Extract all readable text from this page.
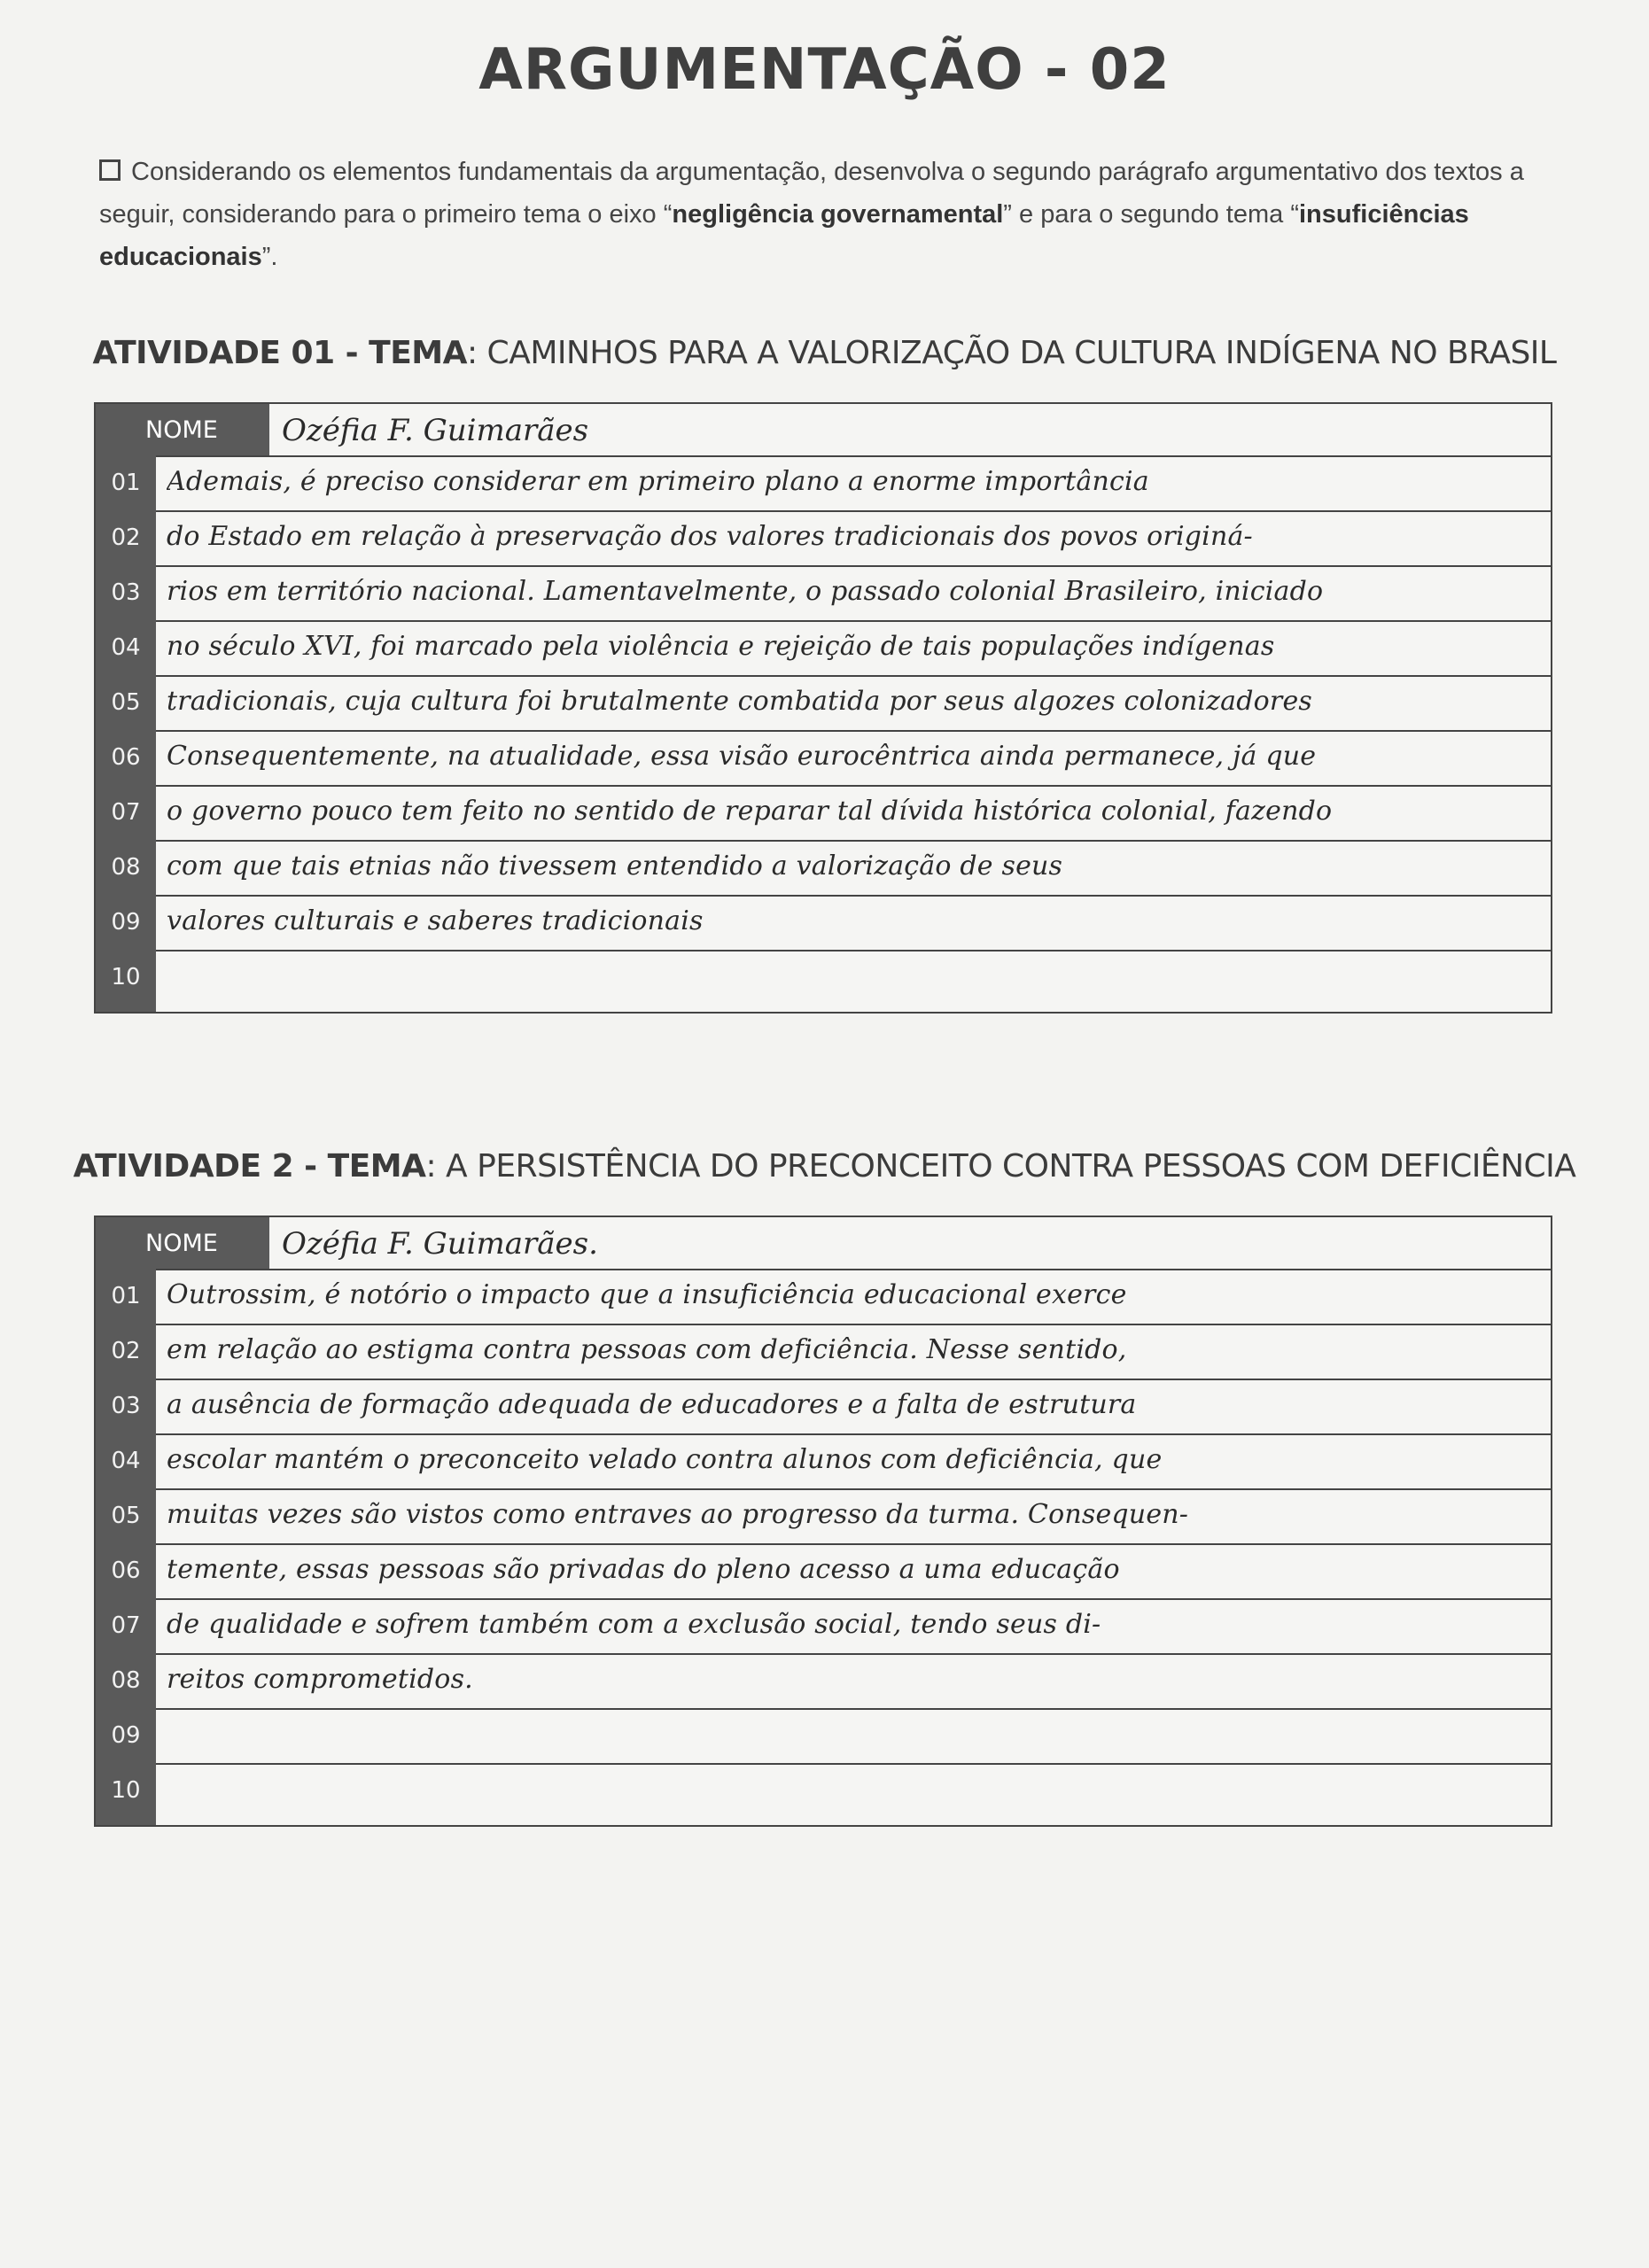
ARGUMENTAÇÃO - 02
Considerando os elementos fundamentais da argumentação, desenvolva o segundo parágrafo argumentativo dos textos a seguir, considerando para o primeiro tema o eixo “negligência governamental” e para o segundo tema “insuficiências educacionais”.
ATIVIDADE 01 - TEMA: CAMINHOS PARA A VALORIZAÇÃO DA CULTURA INDÍGENA NO BRASIL
NOME	Ozéfia F. Guimarães
01 Ademais, é preciso considerar em primeiro plano a enorme importância
02 do Estado em relação à preservação dos valores tradicionais dos povos originá-
03 rios em território nacional. Lamentavelmente, o passado colonial Brasileiro, iniciado
04 no século XVI, foi marcado pela violência e rejeição de tais populações indígenas
05 tradicionais, cuja cultura foi brutalmente combatida por seus algozes colonizadores
06 Consequentemente, na atualidade, essa visão eurocêntrica ainda permanece, já que
07 o governo pouco tem feito no sentido de reparar tal dívida histórica colonial, fazendo
08 com que tais etnias não tivessem entendido a valorização de seus
09 valores culturais e saberes tradicionais
10
ATIVIDADE 2 - TEMA: A PERSISTÊNCIA DO PRECONCEITO CONTRA PESSOAS COM DEFICIÊNCIA
NOME	Ozéfia F. Guimarães.
01 Outrossim, é notório o impacto que a insuficiência educacional exerce
02 em relação ao estigma contra pessoas com deficiência. Nesse sentido,
03 a ausência de formação adequada de educadores e a falta de estrutura
04 escolar mantém o preconceito velado contra alunos com deficiência, que
05 muitas vezes são vistos como entraves ao progresso da turma. Consequen-
06 temente, essas pessoas são privadas do pleno acesso a uma educação
07 de qualidade e sofrem também com a exclusão social, tendo seus di-
08 reitos comprometidos.
09
10
